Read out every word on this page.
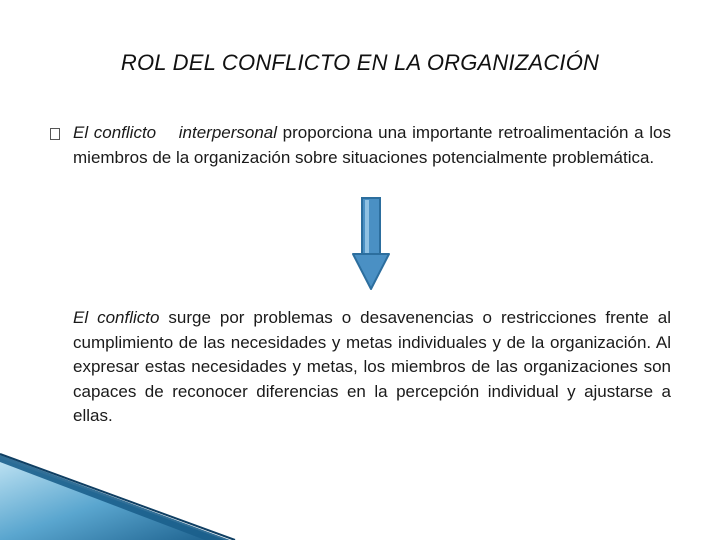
ROL DEL CONFLICTO EN LA ORGANIZACIÓN
El conflicto interpersonal proporciona una importante retroalimentación a los miembros de la organización sobre situaciones potencialmente problemática.
El conflicto surge por problemas o desavenencias o restricciones frente al cumplimiento de las necesidades y metas individuales y de la organización. Al expresar estas necesidades y metas, los miembros de las organizaciones son capaces de reconocer diferencias en la percepción individual y ajustarse a ellas.
